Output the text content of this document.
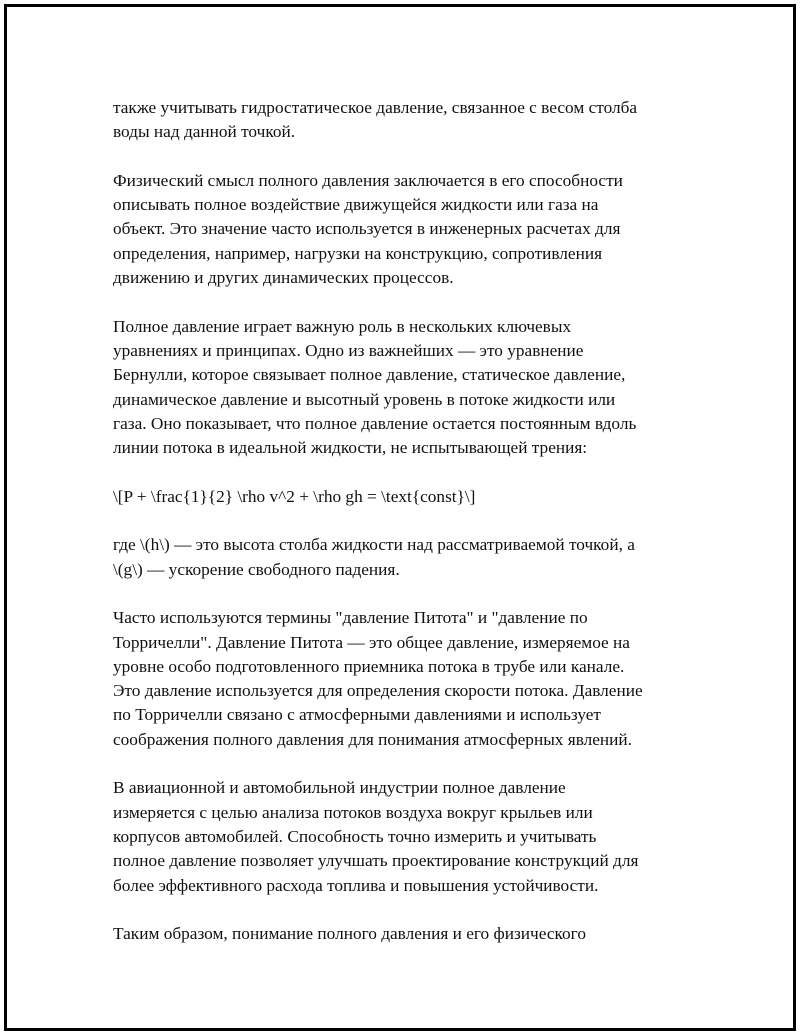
также учитывать гидростатическое давление, связанное с весом столба
воды над данной точкой.

Физический смысл полного давления заключается в его способности
описывать полное воздействие движущейся жидкости или газа на
объект. Это значение часто используется в инженерных расчетах для
определения, например, нагрузки на конструкцию, сопротивления
движению и других динамических процессов.

Полное давление играет важную роль в нескольких ключевых
уравнениях и принципах. Одно из важнейших — это уравнение
Бернулли, которое связывает полное давление, статическое давление,
динамическое давление и высотный уровень в потоке жидкости или
газа. Оно показывает, что полное давление остается постоянным вдоль
линии потока в идеальной жидкости, не испытывающей трения:

\[P + \frac{1}{2} \rho v^2 + \rho gh = \text{const}\]

где \(h\) — это высота столба жидкости над рассматриваемой точкой, а
\(g\) — ускорение свободного падения.

Часто используются термины "давление Питота" и "давление по
Торричелли". Давление Питота — это общее давление, измеряемое на
уровне особо подготовленного приемника потока в трубе или канале.
Это давление используется для определения скорости потока. Давление
по Торричелли связано с атмосферными давлениями и использует
соображения полного давления для понимания атмосферных явлений.

В авиационной и автомобильной индустрии полное давление
измеряется с целью анализа потоков воздуха вокруг крыльев или
корпусов автомобилей. Способность точно измерить и учитывать
полное давление позволяет улучшать проектирование конструкций для
более эффективного расхода топлива и повышения устойчивости.

Таким образом, понимание полного давления и его физического
